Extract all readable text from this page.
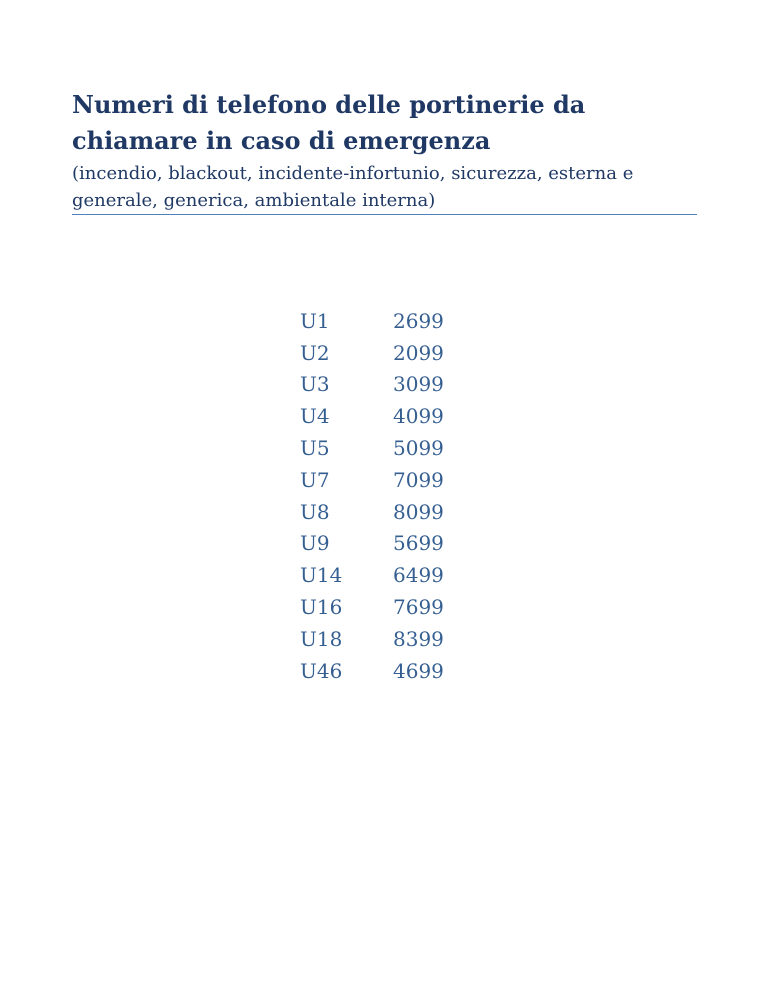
Numeri di telefono delle portinerie da chiamare in caso di emergenza

(incendio, blackout, incidente-infortunio, sicurezza, esterna e generale, generica, ambientale interna)

U1	2699
U2	2099
U3	3099
U4	4099
U5	5099
U7	7099
U8	8099
U9	5699
U14	6499
U16	7699
U18	8399
U46	4699
